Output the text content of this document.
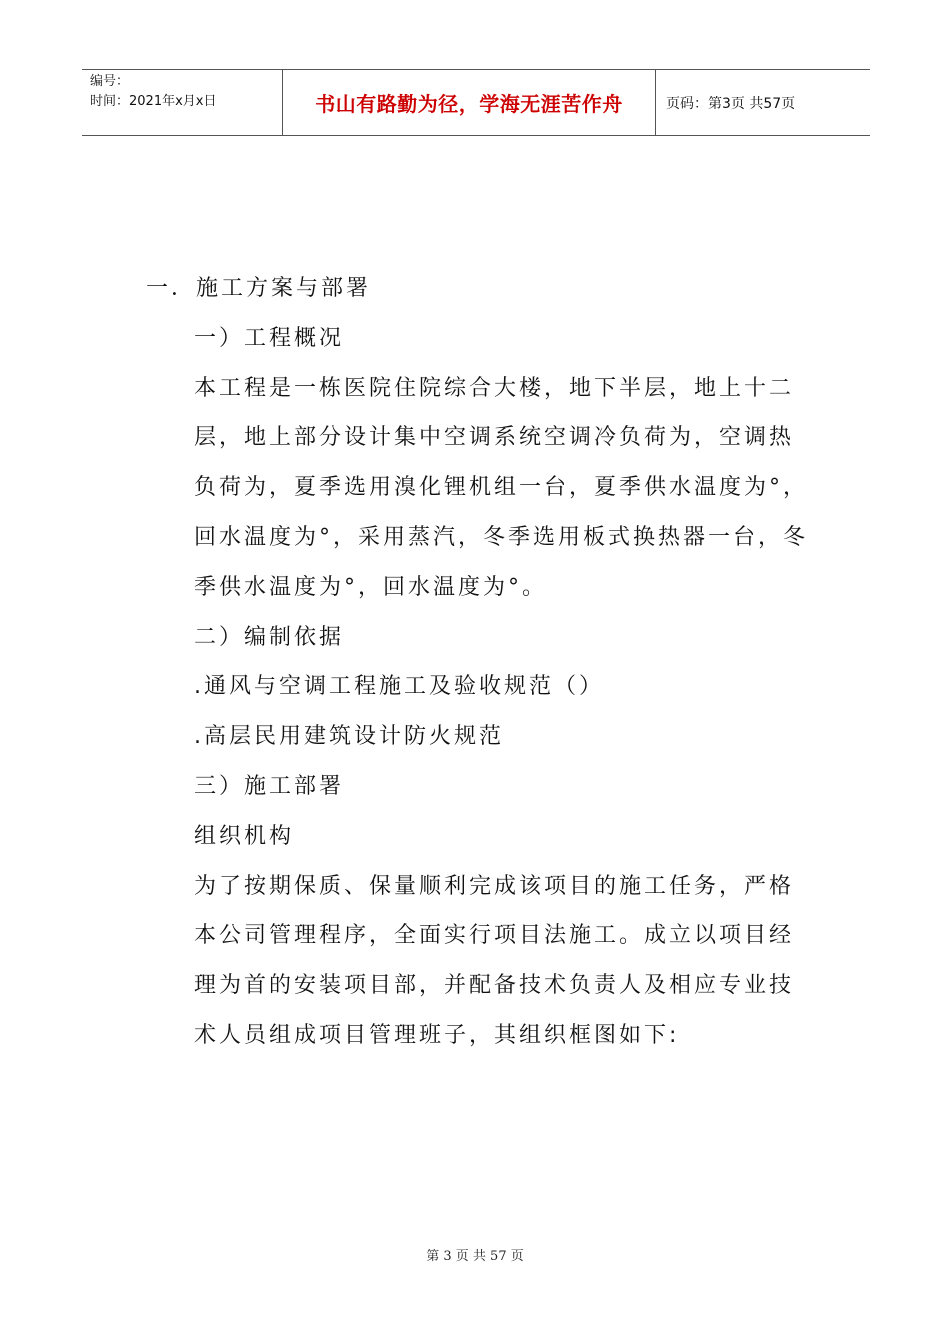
编号：
时间：2021年x月x日	书山有路勤为径，学海无涯苦作舟	页码：第3页 共57页

一．施工方案与部署

一）工程概况

本工程是一栋医院住院综合大楼，地下半层，地上十二层，地上部分设计集中空调系统空调冷负荷为，空调热负荷为，夏季选用溴化锂机组一台，夏季供水温度为°，回水温度为°，采用蒸汽，冬季选用板式换热器一台，冬季供水温度为°，回水温度为°。

二）编制依据

.通风与空调工程施工及验收规范（）

.高层民用建筑设计防火规范

三）施工部署

组织机构

为了按期保质、保量顺利完成该项目的施工任务，严格本公司管理程序，全面实行项目法施工。成立以项目经理为首的安装项目部，并配备技术负责人及相应专业技术人员组成项目管理班子，其组织框图如下:

第 3 页 共 57 页
